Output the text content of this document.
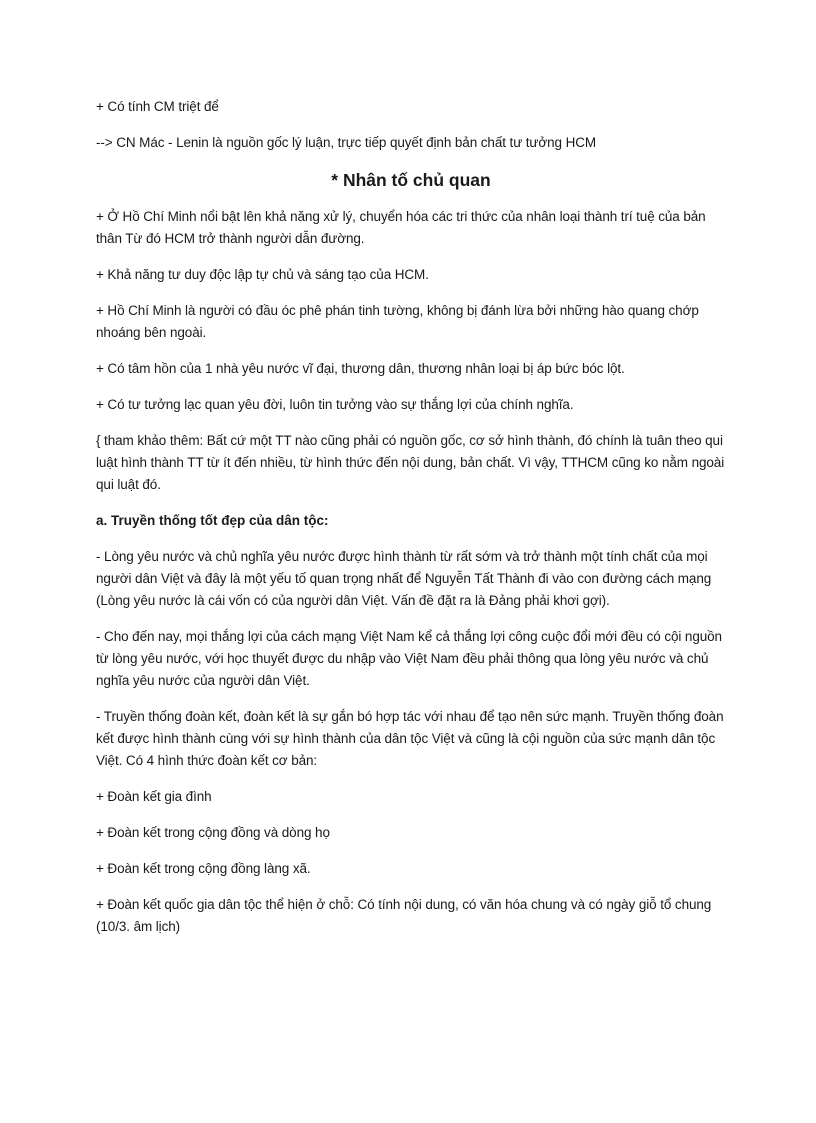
+ Có tính CM triệt để

--> CN Mác - Lenin là nguồn gốc lý luận, trực tiếp quyết định bản chất tư tưởng HCM

* Nhân tố chủ quan

+ Ở Hồ Chí Minh nổi bật lên khả năng xử lý, chuyển hóa các tri thức của nhân loại thành trí tuệ của bản thân Từ đó HCM trở thành người dẫn đường.

+ Khả năng tư duy độc lập tự chủ và sáng tạo của HCM.

+ Hồ Chí Minh là người có đầu óc phê phán tinh tường, không bị đánh lừa bởi những hào quang chớp nhoáng bên ngoài.

+ Có tâm hồn của 1 nhà yêu nước vĩ đại, thương dân, thương nhân loại bị áp bức bóc lột.

+ Có tư tưởng lạc quan yêu đời, luôn tin tưởng vào sự thắng lợi của chính nghĩa.

{ tham khảo thêm: Bất cứ một TT nào cũng phải có nguồn gốc, cơ sở hình thành, đó chính là tuân theo qui luật hình thành TT từ ít đến nhiều, từ hình thức đến nội dung, bản chất. Vì vậy, TTHCM cũng ko nằm ngoài qui luật đó.

a. Truyền thống tốt đẹp của dân tộc:

- Lòng yêu nước và chủ nghĩa yêu nước được hình thành từ rất sớm và trở thành một tính chất của mọi người dân Việt và đây là một yếu tố quan trọng nhất để Nguyễn Tất Thành đi vào con đường cách mạng (Lòng yêu nước là cái vốn có của người dân Việt. Vấn đề đặt ra là Đảng phải khơi gợi).

- Cho đến nay, mọi thắng lợi của cách mạng Việt Nam kể cả thắng lợi công cuộc đổi mới đều có cội nguồn từ lòng yêu nước, với học thuyết được du nhập vào Việt Nam đều phải thông qua lòng yêu nước và chủ nghĩa yêu nước của người dân Việt.

- Truyền thống đoàn kết, đoàn kết là sự gắn bó hợp tác với nhau để tạo nên sức mạnh. Truyền thống đoàn kết được hình thành cùng với sự hình thành của dân tộc Việt và cũng là cội nguồn của sức mạnh dân tộc Việt. Có 4 hình thức đoàn kết cơ bản:

+ Đoàn kết gia đình

+ Đoàn kết trong cộng đồng và dòng họ

+ Đoàn kết trong cộng đồng làng xã.

+ Đoàn kết quốc gia dân tộc thể hiện ở chỗ: Có tính nội dung, có văn hóa chung và có ngày giỗ tổ chung (10/3. âm lịch)
